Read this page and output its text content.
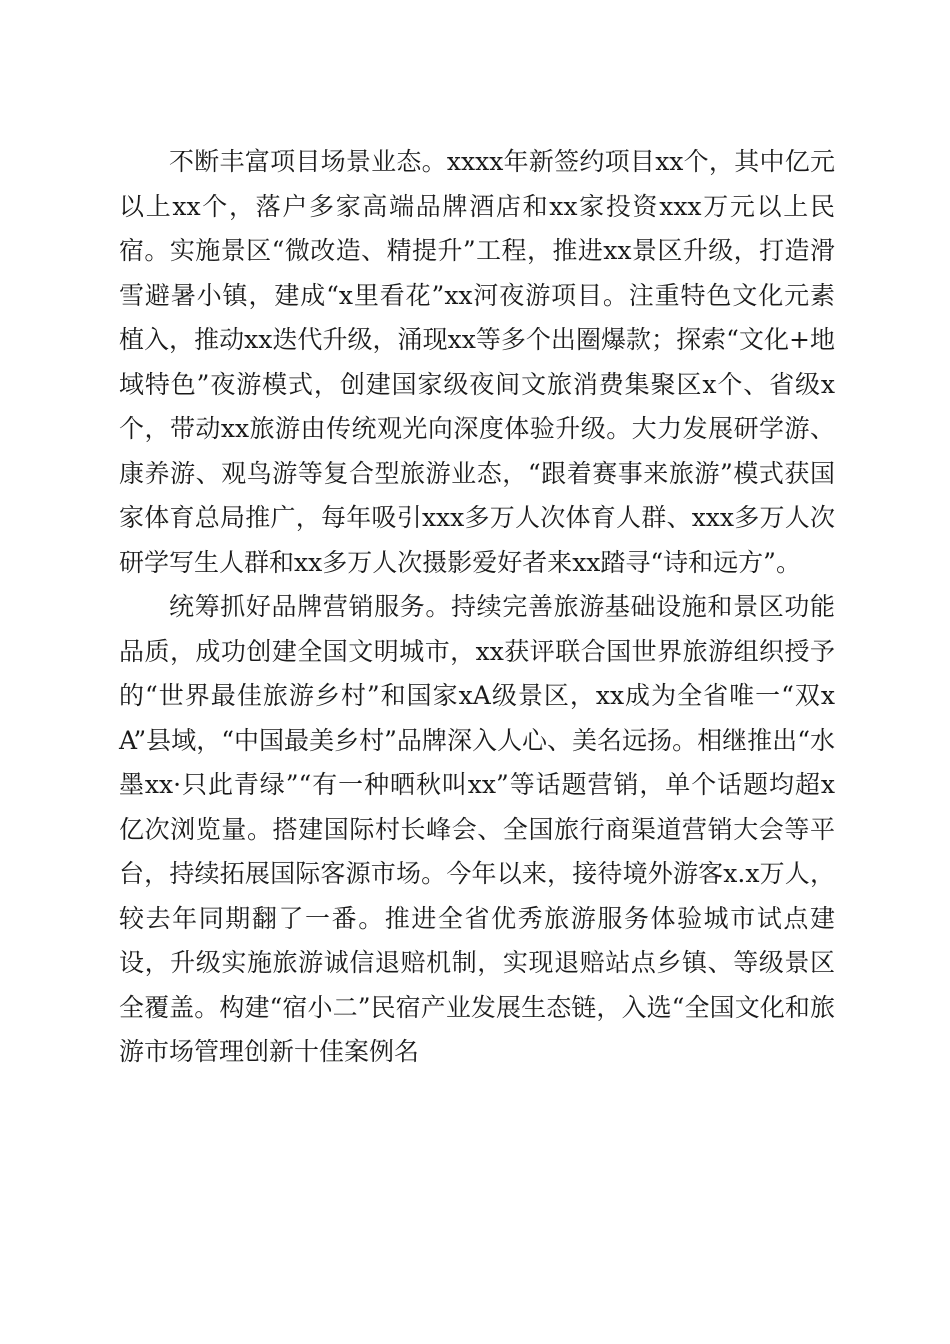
不断丰富项目场景业态。xxxx年新签约项目xx个，其中亿元以上xx个，落户多家高端品牌酒店和xx家投资xxx万元以上民宿。实施景区“微改造、精提升”工程，推进xx景区升级，打造滑雪避暑小镇，建成“x里看花”xx河夜游项目。注重特色文化元素植入，推动xx迭代升级，涌现xx等多个出圈爆款；探索“文化+地域特色”夜游模式，创建国家级夜间文旅消费集聚区x个、省级x个，带动xx旅游由传统观光向深度体验升级。大力发展研学游、康养游、观鸟游等复合型旅游业态，“跟着赛事来旅游”模式获国家体育总局推广，每年吸引xxx多万人次体育人群、xxx多万人次研学写生人群和xx多万人次摄影爱好者来xx踏寻“诗和远方”。

统筹抓好品牌营销服务。持续完善旅游基础设施和景区功能品质，成功创建全国文明城市，xx获评联合国世界旅游组织授予的“世界最佳旅游乡村”和国家xA级景区，xx成为全省唯一“双xA”县域，“中国最美乡村”品牌深入人心、美名远扬。相继推出“水墨xx·只此青绿”“有一种晒秋叫xx”等话题营销，单个话题均超x亿次浏览量。搭建国际村长峰会、全国旅行商渠道营销大会等平台，持续拓展国际客源市场。今年以来，接待境外游客x.x万人，较去年同期翻了一番。推进全省优秀旅游服务体验城市试点建设，升级实施旅游诚信退赔机制，实现退赔站点乡镇、等级景区全覆盖。构建“宿小二”民宿产业发展生态链，入选“全国文化和旅游市场管理创新十佳案例名
